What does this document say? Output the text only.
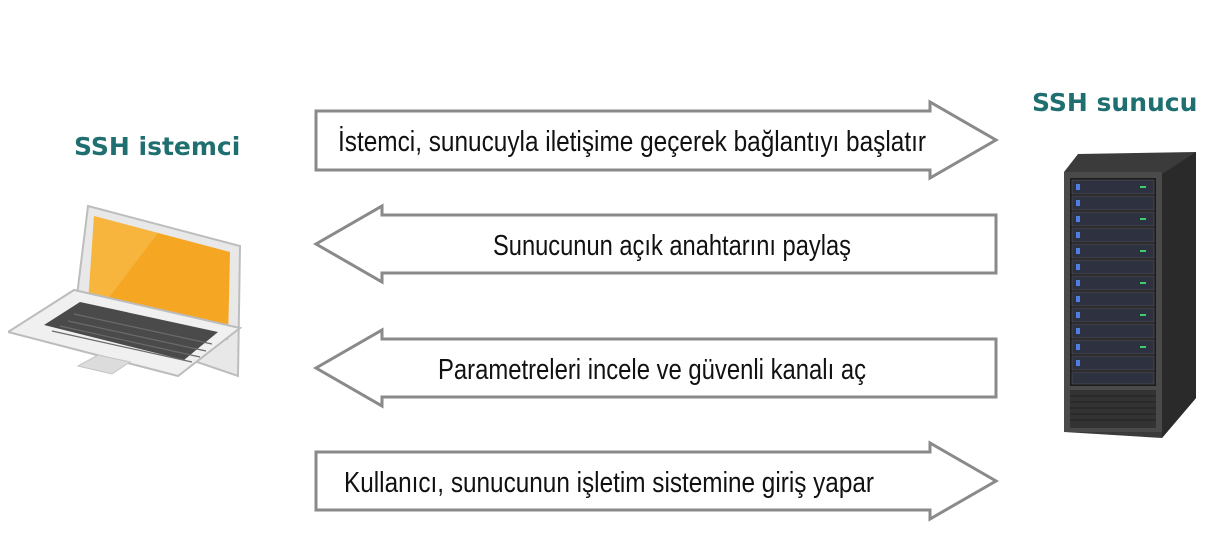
SSH istemci
SSH sunucu
İstemci, sunucuyla iletişime geçerek bağlantıyı başlatır
Sunucunun açık anahtarını paylaş
Parametreleri incele ve güvenli kanalı aç
Kullanıcı, sunucunun işletim sistemine giriş yapar
